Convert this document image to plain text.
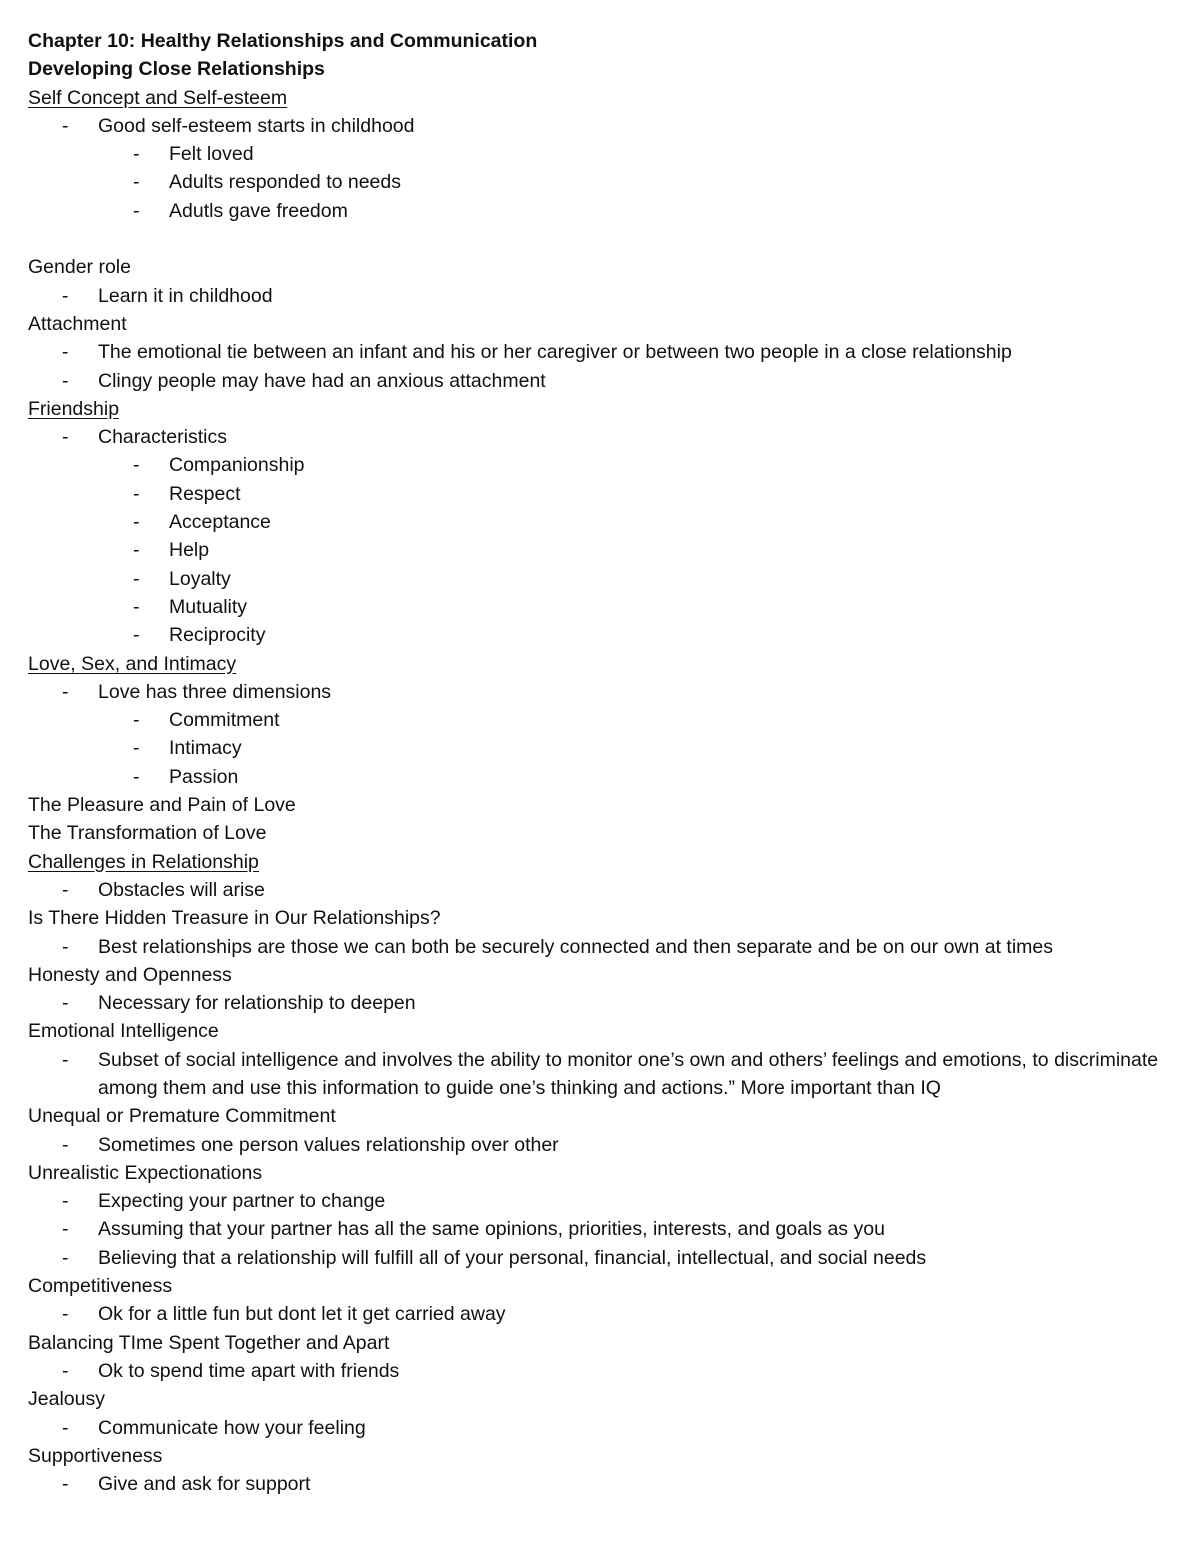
Chapter 10: Healthy Relationships and Communication
Developing Close Relationships
Self Concept and Self-esteem
- Good self-esteem starts in childhood
- Felt loved
- Adults responded to needs
- Adutls gave freedom
Gender role
- Learn it in childhood
Attachment
- The emotional tie between an infant and his or her caregiver or between two people in a close relationship
- Clingy people may have had an anxious attachment
Friendship
- Characteristics
- Companionship
- Respect
- Acceptance
- Help
- Loyalty
- Mutuality
- Reciprocity
Love, Sex, and Intimacy
- Love has three dimensions
- Commitment
- Intimacy
- Passion
The Pleasure and Pain of Love
The Transformation of Love
Challenges in Relationship
- Obstacles will arise
Is There Hidden Treasure in Our Relationships?
- Best relationships are those we can both be securely connected and then separate and be on our own at times
Honesty and Openness
- Necessary for relationship to deepen
Emotional Intelligence
- Subset of social intelligence and involves the ability to monitor one’s own and others’ feelings and emotions, to discriminate among them and use this information to guide one’s thinking and actions.” More important than IQ
Unequal or Premature Commitment
- Sometimes one person values relationship over other
Unrealistic Expectionations
- Expecting your partner to change
- Assuming that your partner has all the same opinions, priorities, interests, and goals as you
- Believing that a relationship will fulfill all of your personal, financial, intellectual, and social needs
Competitiveness
- Ok for a little fun but dont let it get carried away
Balancing TIme Spent Together and Apart
- Ok to spend time apart with friends
Jealousy
- Communicate how your feeling
Supportiveness
- Give and ask for support
